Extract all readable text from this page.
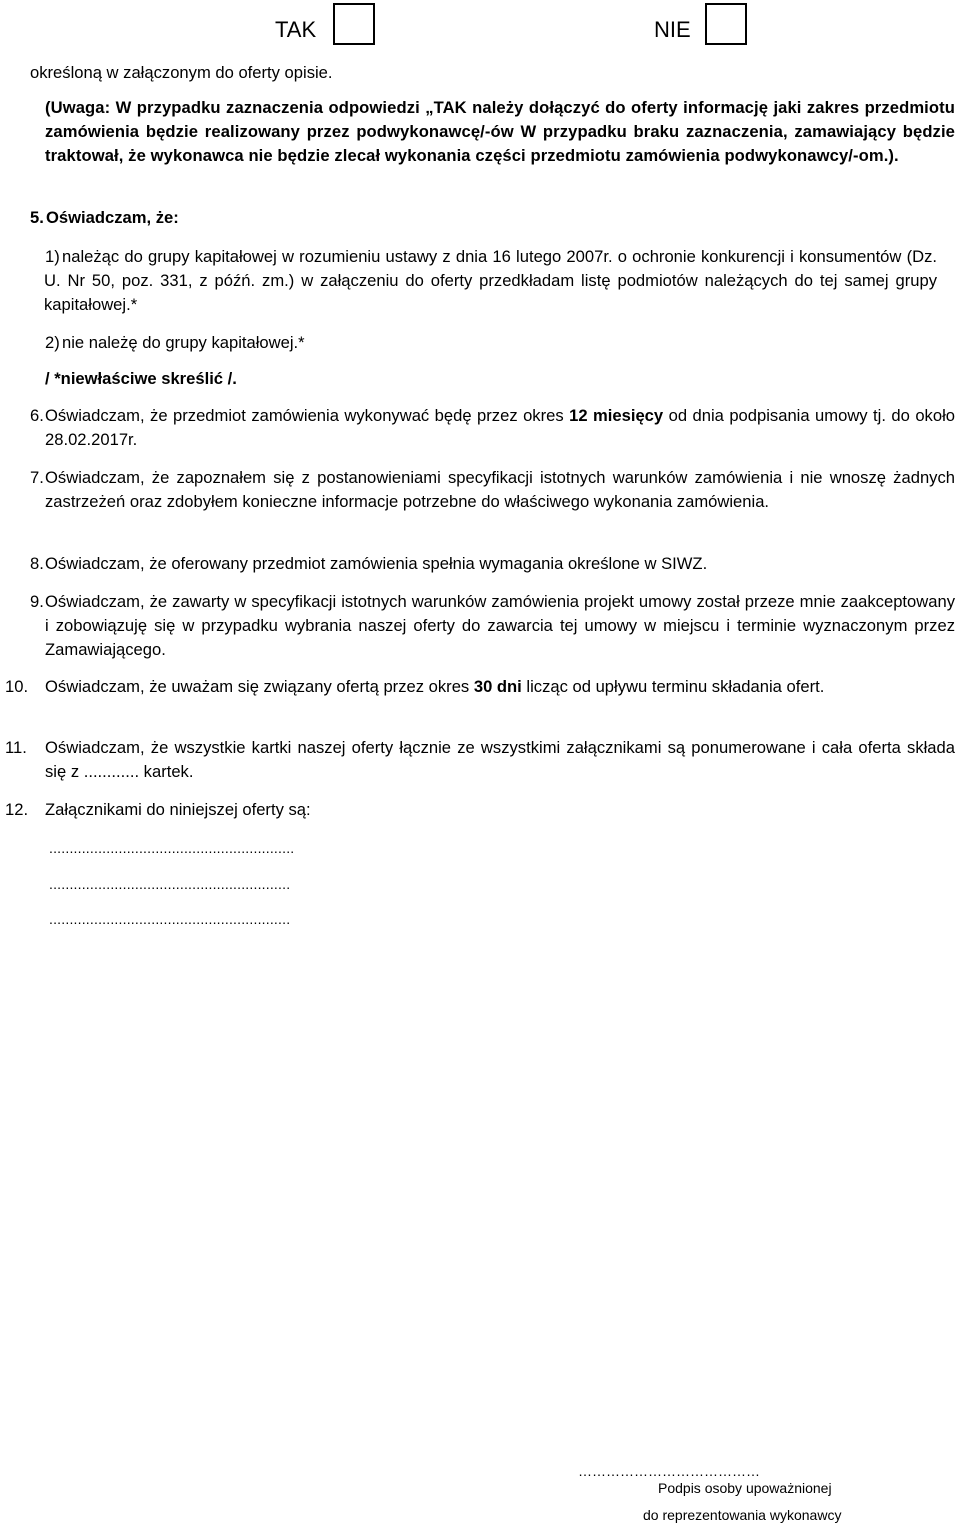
TAK	NIE
określoną w załączonym do oferty opisie.
(Uwaga: W przypadku zaznaczenia odpowiedzi „TAK należy dołączyć do oferty informację jaki zakres przedmiotu zamówienia będzie realizowany przez podwykonawcę/-ów W przypadku braku zaznaczenia, zamawiający będzie traktował, że wykonawca nie będzie zlecał wykonania części przedmiotu zamówienia podwykonawcy/-om.).
5. Oświadczam, że:
1) należąc do grupy kapitałowej w rozumieniu ustawy z dnia 16 lutego 2007r. o ochronie konkurencji i konsumentów (Dz. U. Nr 50, poz. 331, z późń. zm.) w załączeniu do oferty przedkładam listę podmiotów należących do tej samej grupy kapitałowej.*
2) nie należę do grupy kapitałowej.*
/ *niewłaściwe skreślić /.
6. Oświadczam, że przedmiot zamówienia wykonywać będę przez okres 12 miesięcy od dnia podpisania umowy tj. do około 28.02.2017r.
7. Oświadczam, że zapoznałem się z postanowieniami specyfikacji istotnych warunków zamówienia i nie wnoszę żadnych zastrzeżeń oraz zdobyłem konieczne informacje potrzebne do właściwego wykonania zamówienia.
8. Oświadczam, że oferowany przedmiot zamówienia spełnia wymagania określone w SIWZ.
9. Oświadczam, że zawarty w specyfikacji istotnych warunków zamówienia projekt umowy został przeze mnie zaakceptowany i zobowiązuję się w przypadku wybrania naszej oferty do zawarcia tej umowy w miejscu i terminie wyznaczonym przez Zamawiającego.
10. Oświadczam, że uważam się związany ofertą przez okres 30 dni licząc od upływu terminu składania ofert.
11. Oświadczam, że wszystkie kartki naszej oferty łącznie ze wszystkimi załącznikami są ponumerowane i cała oferta składa się z ............ kartek.
12. Załącznikami do niniejszej oferty są:
............................................................
...........................................................
...........................................................
…………………………………
Podpis osoby upoważnionej
do reprezentowania wykonawcy
